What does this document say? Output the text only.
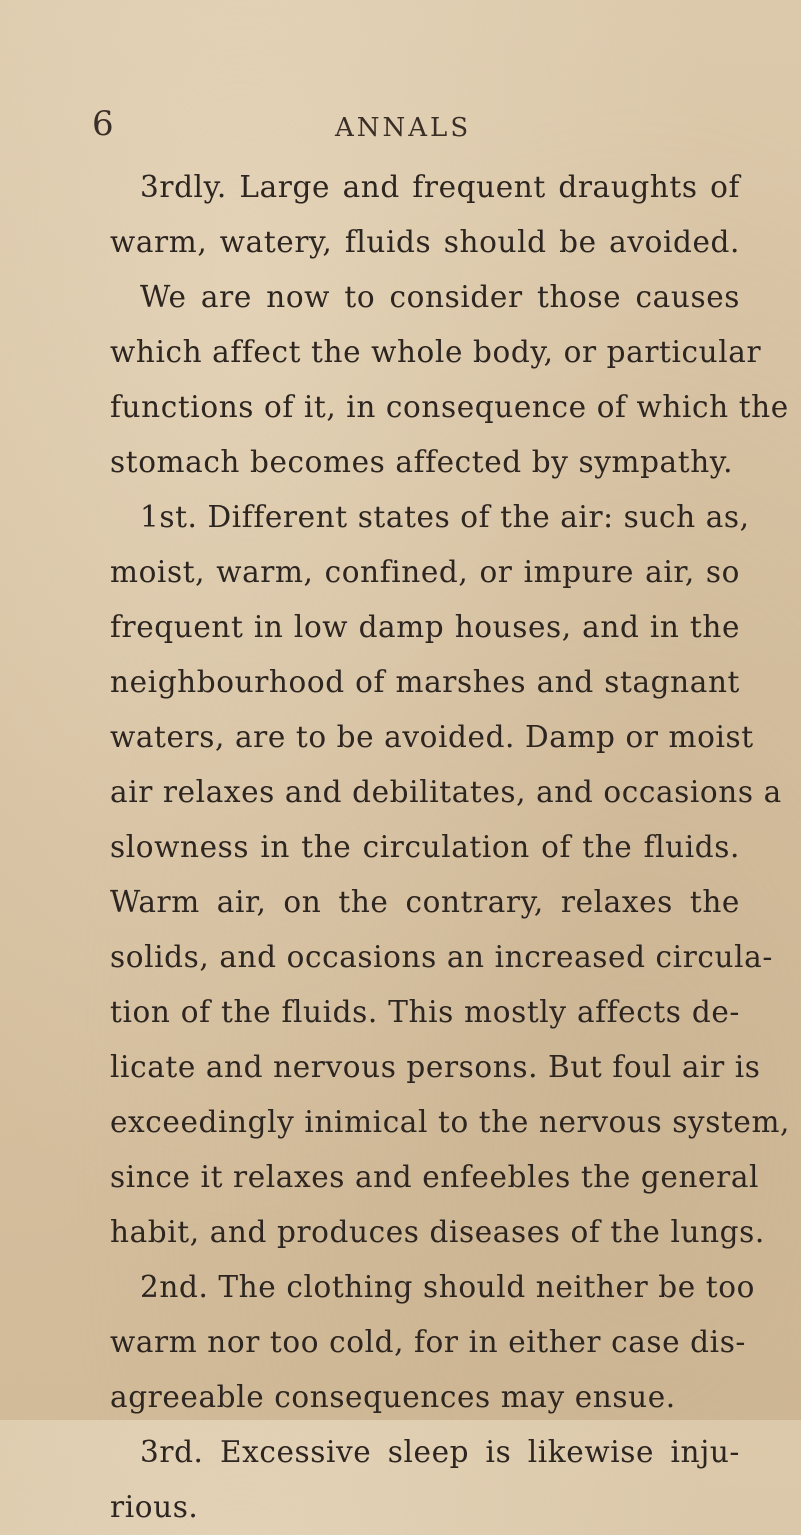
6	ANNALS
3rdly. Large and frequent draughts of
warm, watery, fluids should be avoided.
We are now to consider those causes
which affect the whole body, or particular
functions of it, in consequence of which the
stomach becomes affected by sympathy.
1st. Different states of the air: such as,
moist, warm, confined, or impure air, so
frequent in low damp houses, and in the
neighbourhood of marshes and stagnant
waters, are to be avoided. Damp or moist
air relaxes and debilitates, and occasions a
slowness in the circulation of the fluids.
Warm air, on the contrary, relaxes the
solids, and occasions an increased circula-
tion of the fluids. This mostly affects de-
licate and nervous persons. But foul air is
exceedingly inimical to the nervous system,
since it relaxes and enfeebles the general
habit, and produces diseases of the lungs.
2nd. The clothing should neither be too
warm nor too cold, for in either case dis-
agreeable consequences may ensue.
3rd. Excessive sleep is likewise inju-
rious.
